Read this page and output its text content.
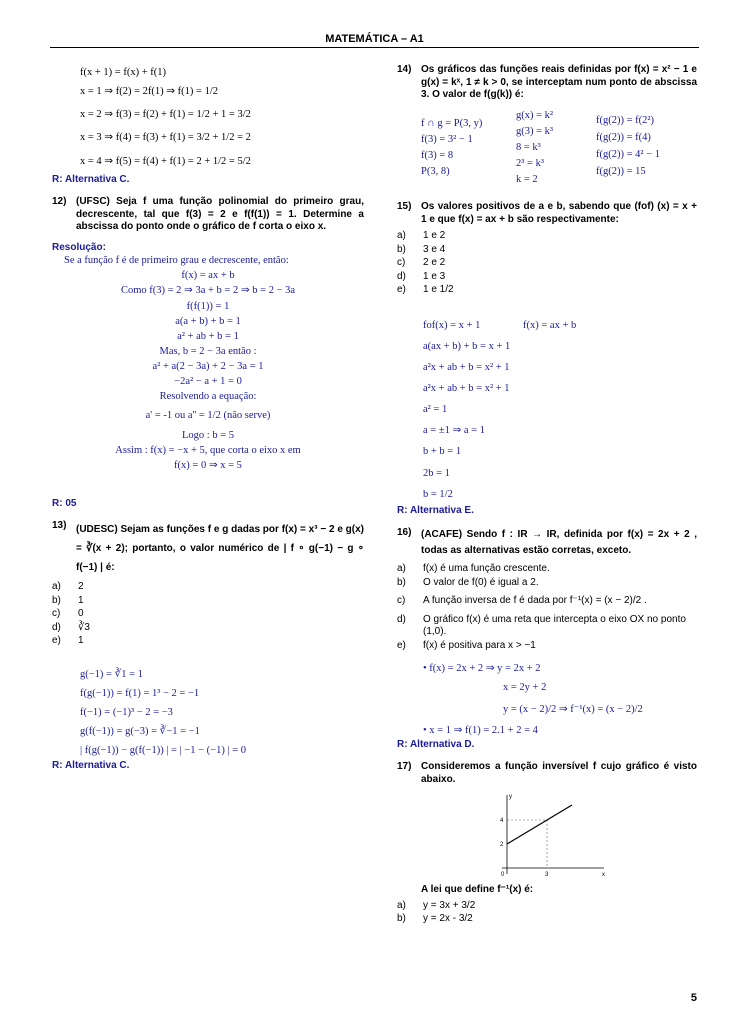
MATEMÁTICA – A1
f(x + 1) = f(x) + f(1)
x = 1 ⇒ f(2) = 2f(1) ⇒ f(1) = 1/2
x = 2 ⇒ f(3) = f(2) + f(1) = 1/2 + 1 = 3/2
x = 3 ⇒ f(4) = f(3) + f(1) = 3/2 + 1/2 = 2
x = 4 ⇒ f(5) = f(4) + f(1) = 2 + 1/2 = 5/2
R: Alternativa C.
12) (UFSC) Seja f uma função polinomial do primeiro grau, decrescente, tal que f(3) = 2 e f(f(1)) = 1. Determine a abscissa do ponto onde o gráfico de f corta o eixo x.
Resolução:
Se a função f é de primeiro grau e decrescente, então:
f(x) = ax + b
Como f(3) = 2 ⇒ 3a + b = 2 ⇒ b = 2 − 3a
f(f(1)) = 1
a(a + b) + b = 1
a² + ab + b = 1
Mas, b = 2 − 3a então :
a² + a(2 − 3a) + 2 − 3a = 1
−2a² − a + 1 = 0
Resolvendo a equação:
a' = -1 ou a'' = 1/2 (não serve)
Logo : b = 5
Assim : f(x) = −x + 5, que corta o eixo x em
f(x) = 0 ⇒ x = 5
R: 05
13) (UDESC) Sejam as funções f e g dadas por f(x) = x³ − 2 e g(x) = ∛(x + 2); portanto, o valor numérico de | f ∘ g(−1) − g ∘ f(−1) | é:
a)	2
b)	1
c)	0
d)	∛3
e)	1
g(−1) = ∛1 = 1
f(g(−1)) = f(1) = 1³ − 2 = −1
f(−1) = (−1)³ − 2 = −3
g(f(−1)) = g(−3) = ∛−1 = −1
| f(g(−1)) − g(f(−1)) | = | −1 − (−1) | = 0
R: Alternativa C.
14) Os gráficos das funções reais definidas por f(x) = x² − 1 e g(x) = kˣ, 1 ≠ k > 0, se interceptam num ponto de abscissa 3. O valor de f(g(k)) é:
f ∩ g = P(3, y)
f(3) = 3² − 1
f(3) = 8
P(3, 8)
g(x) = k²
g(3) = k³
8 = k³
2³ = k³
k = 2
f(g(2)) = f(2²)
f(g(2)) = f(4)
f(g(2)) = 4² − 1
f(g(2)) = 15
15) Os valores positivos de a e b, sabendo que (fof) (x) = x + 1 e que f(x) = ax + b são respectivamente:
a)	1 e 2
b)	3 e 4
c)	2 e 2
d)	1 e 3
e)	1 e 1/2
fof(x) = x + 1	f(x) = ax + b
a(ax + b) + b = x + 1
a²x + ab + b = x² + 1
a²x + ab + b = x² + 1
a² = 1
a = ±1 ⇒ a = 1
b + b = 1
2b = 1
b = 1/2
R: Alternativa E.
16) (ACAFE) Sendo f : IR → IR, definida por f(x) = 2x + 2 , todas as alternativas estão corretas, exceto.
a)	f(x) é uma função crescente.
b)	O valor de f(0) é igual a 2.
c)	A função inversa de f é dada por f⁻¹(x) = (x − 2)/2 .
d)	O gráfico f(x) é uma reta que intercepta o eixo OX no ponto (1,0).
e)	f(x) é positiva para x > −1
• f(x) = 2x + 2 ⇒ y = 2x + 2
x = 2y + 2
y = (x − 2)/2 ⇒ f⁻¹(x) = (x − 2)/2
• x = 1 ⇒ f(1) = 2.1 + 2 = 4
R: Alternativa D.
17) Consideremos a função inversível f cujo gráfico é visto abaixo.
y
x
4
2
0	3
A lei que define f⁻¹(x) é:
a)	y = 3x + 3/2
b)	y = 2x - 3/2
5
